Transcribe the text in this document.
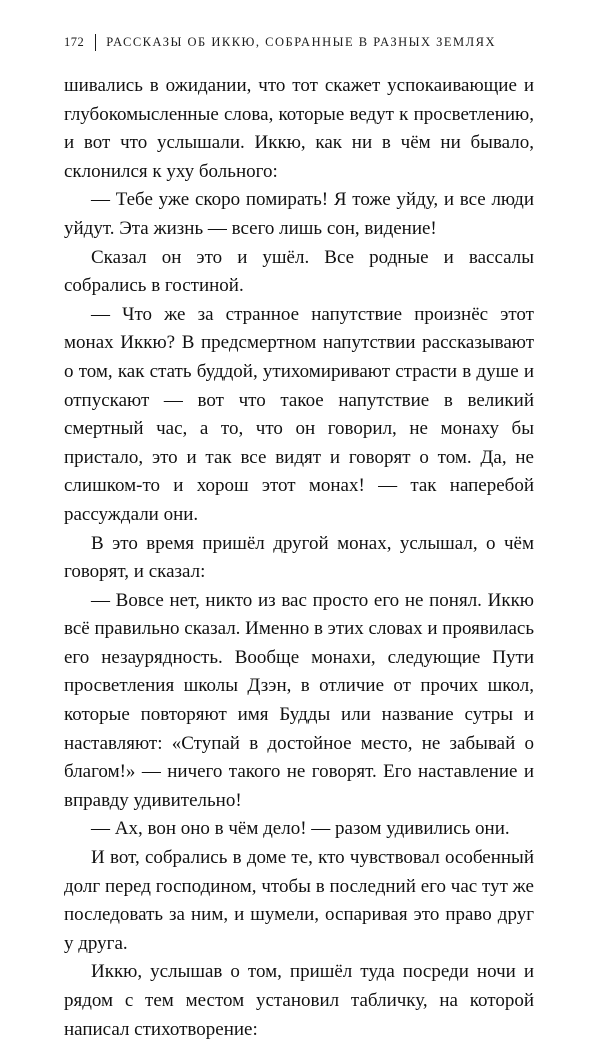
172 РАССКАЗЫ ОБ ИККЮ, СОБРАННЫЕ В РАЗНЫХ ЗЕМЛЯХ

шивались в ожидании, что тот скажет успокаивающие и глубокомысленные слова, которые ведут к просветлению, и вот что услышали. Иккю, как ни в чём ни бывало, склонился к уху больного:

— Тебе уже скоро помирать! Я тоже уйду, и все люди уйдут. Эта жизнь — всего лишь сон, видение!

Сказал он это и ушёл. Все родные и вассалы собрались в гостиной.

— Что же за странное напутствие произнёс этот монах Иккю? В предсмертном напутствии рассказывают о том, как стать буддой, утихомиривают страсти в душе и отпускают — вот что такое напутствие в великий смертный час, а то, что он говорил, не монаху бы пристало, это и так все видят и говорят о том. Да, не слишком-то и хорош этот монах! — так наперебой рассуждали они.

В это время пришёл другой монах, услышал, о чём говорят, и сказал:

— Вовсе нет, никто из вас просто его не понял. Иккю всё правильно сказал. Именно в этих словах и проявилась его незаурядность. Вообще монахи, следующие Пути просветления школы Дзэн, в отличие от прочих школ, которые повторяют имя Будды или название сутры и наставляют: «Ступай в достойное место, не забывай о благом!» — ничего такого не говорят. Его наставление и вправду удивительно!

— Ах, вон оно в чём дело! — разом удивились они.

И вот, собрались в доме те, кто чувствовал особенный долг перед господином, чтобы в последний его час тут же последовать за ним, и шумели, оспаривая это право друг у друга.

Иккю, услышав о том, пришёл туда посреди ночи и рядом с тем местом установил табличку, на которой написал стихотворение:
